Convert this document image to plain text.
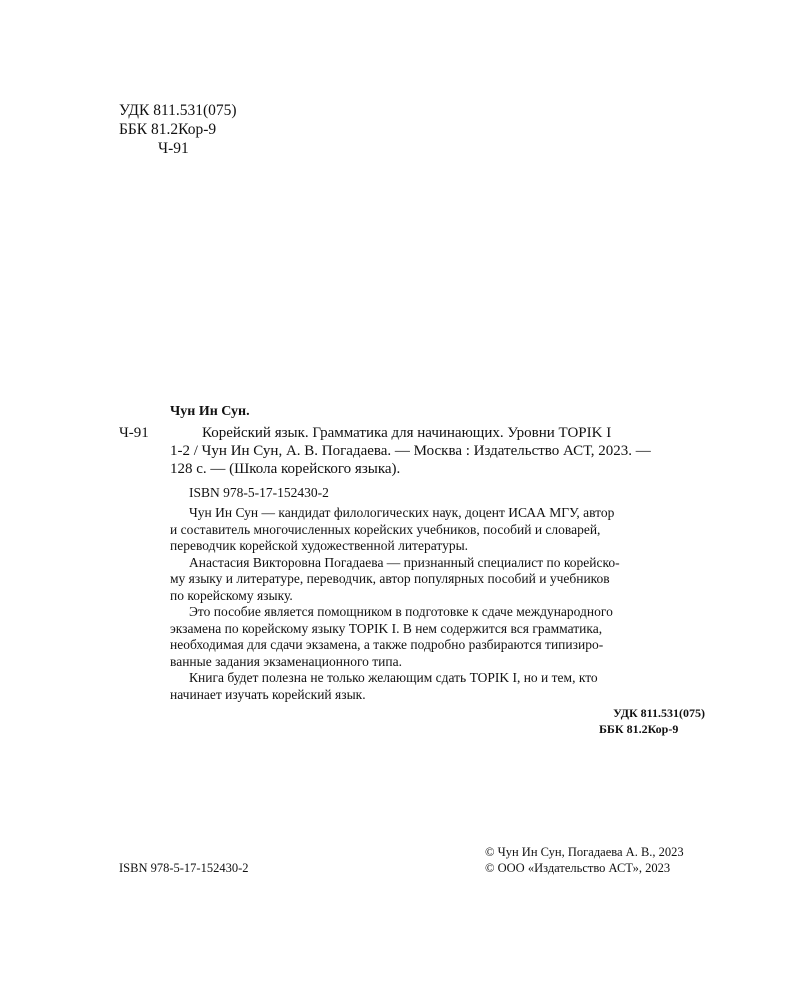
УДК 811.531(075)
ББК 81.2Кор-9
Ч-91
Чун Ин Сун.
Ч-91	Корейский язык. Грамматика для начинающих. Уровни TOPIK I
1-2 / Чун Ин Сун, А. В. Погадаева. — Москва : Издательство АСТ, 2023. —
128 с. — (Школа корейского языка).
ISBN 978-5-17-152430-2
Чун Ин Сун — кандидат филологических наук, доцент ИСАА МГУ, автор
и составитель многочисленных корейских учебников, пособий и словарей,
переводчик корейской художественной литературы.
Анастасия Викторовна Погадаева — признанный специалист по корейско-
му языку и литературе, переводчик, автор популярных пособий и учебников
по корейскому языку.
Это пособие является помощником в подготовке к сдаче международного
экзамена по корейскому языку TOPIK I. В нем содержится вся грамматика,
необходимая для сдачи экзамена, а также подробно разбираются типизиро-
ванные задания экзаменационного типа.
Книга будет полезна не только желающим сдать TOPIK I, но и тем, кто
начинает изучать корейский язык.
УДК 811.531(075)
ББК 81.2Кор-9
© Чун Ин Сун, Погадаева А. В., 2023
ISBN 978-5-17-152430-2	© ООО «Издательство АСТ», 2023
